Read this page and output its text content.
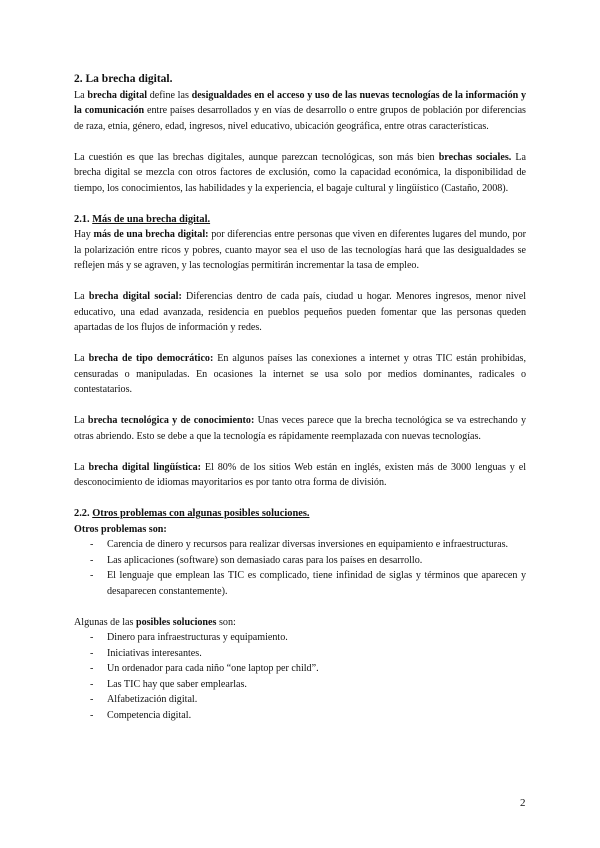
2. La brecha digital.

La brecha digital define las desigualdades en el acceso y uso de las nuevas tecnologías de la información y la comunicación entre países desarrollados y en vías de desarrollo o entre grupos de población por diferencias de raza, etnia, género, edad, ingresos, nivel educativo, ubicación geográfica, entre otras características.

La cuestión es que las brechas digitales, aunque parezcan tecnológicas, son más bien brechas sociales. La brecha digital se mezcla con otros factores de exclusión, como la capacidad económica, la disponibilidad de tiempo, los conocimientos, las habilidades y la experiencia, el bagaje cultural y lingüístico (Castaño, 2008).

2.1. Más de una brecha digital.

Hay más de una brecha digital: por diferencias entre personas que viven en diferentes lugares del mundo, por la polarización entre ricos y pobres, cuanto mayor sea el uso de las tecnologías hará que las desigualdades se reflejen más y se agraven, y las tecnologías permitirán incrementar la tasa de empleo.

La brecha digital social: Diferencias dentro de cada país, ciudad u hogar. Menores ingresos, menor nivel educativo, una edad avanzada, residencia en pueblos pequeños pueden fomentar que las personas queden apartadas de los flujos de información y redes.

La brecha de tipo democrático: En algunos países las conexiones a internet y otras TIC están prohibidas, censuradas o manipuladas. En ocasiones la internet se usa solo por medios dominantes, radicales o contestatarios.

La brecha tecnológica y de conocimiento: Unas veces parece que la brecha tecnológica se va estrechando y otras abriendo. Esto se debe a que la tecnología es rápidamente reemplazada con nuevas tecnologías.

La brecha digital lingüística: El 80% de los sitios Web están en inglés, existen más de 3000 lenguas y el desconocimiento de idiomas mayoritarios es por tanto otra forma de división.

2.2. Otros problemas con algunas posibles soluciones.
Otros problemas son:
- Carencia de dinero y recursos para realizar diversas inversiones en equipamiento e infraestructuras.
- Las aplicaciones (software) son demasiado caras para los países en desarrollo.
- El lenguaje que emplean las TIC es complicado, tiene infinidad de siglas y términos que aparecen y desaparecen constantemente).

Algunas de las posibles soluciones son:

- Dinero para infraestructuras y equipamiento.
- Iniciativas interesantes.
- Un ordenador para cada niño “one laptop per child”.
- Las TIC hay que saber emplearlas.
- Alfabetización digital.
- Competencia digital.
2
